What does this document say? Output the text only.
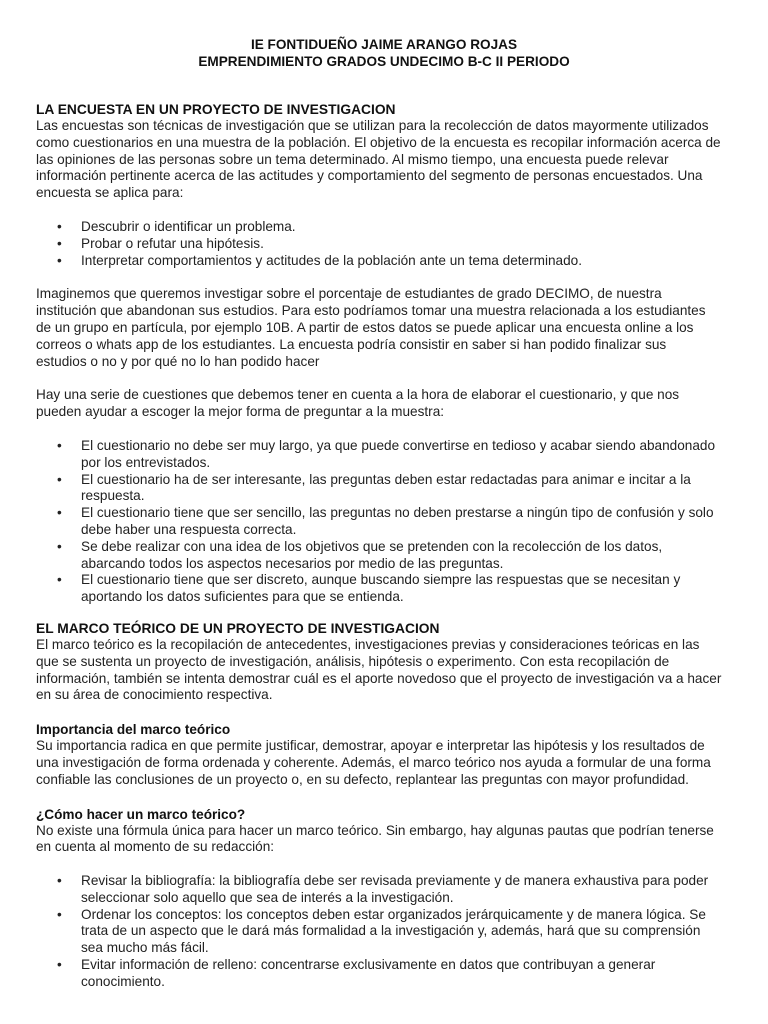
IE FONTIDUEÑO JAIME ARANGO ROJAS
EMPRENDIMIENTO GRADOS UNDECIMO B-C II PERIODO
LA ENCUESTA EN UN PROYECTO DE INVESTIGACION

Las encuestas son técnicas de investigación que se utilizan para la recolección de datos mayormente utilizados
como cuestionarios en una muestra de la población. El objetivo de la encuesta es recopilar información acerca de
las opiniones de las personas sobre un tema determinado. Al mismo tiempo, una encuesta puede relevar
información pertinente acerca de las actitudes y comportamiento del segmento de personas encuestados. Una
encuesta se aplica para:

• Descubrir o identificar un problema.
• Probar o refutar una hipótesis.
• Interpretar comportamientos y actitudes de la población ante un tema determinado.

Imaginemos que queremos investigar sobre el porcentaje de estudiantes de grado DECIMO, de nuestra
institución que abandonan sus estudios. Para esto podríamos tomar una muestra relacionada a los estudiantes
de un grupo en partícula, por ejemplo 10B. A partir de estos datos se puede aplicar una encuesta online a los
correos o whats app de los estudiantes. La encuesta podría consistir en saber si han podido finalizar sus
estudios o no y por qué no lo han podido hacer

Hay una serie de cuestiones que debemos tener en cuenta a la hora de elaborar el cuestionario, y que nos
pueden ayudar a escoger la mejor forma de preguntar a la muestra:

• El cuestionario no debe ser muy largo, ya que puede convertirse en tedioso y acabar siendo abandonado
por los entrevistados.
• El cuestionario ha de ser interesante, las preguntas deben estar redactadas para animar e incitar a la
respuesta.
• El cuestionario tiene que ser sencillo, las preguntas no deben prestarse a ningún tipo de confusión y solo
debe haber una respuesta correcta.
• Se debe realizar con una idea de los objetivos que se pretenden con la recolección de los datos,
abarcando todos los aspectos necesarios por medio de las preguntas.
• El cuestionario tiene que ser discreto, aunque buscando siempre las respuestas que se necesitan y
aportando los datos suficientes para que se entienda.
EL MARCO TEÓRICO DE UN PROYECTO DE INVESTIGACION

El marco teórico es la recopilación de antecedentes, investigaciones previas y consideraciones teóricas en las
que se sustenta un proyecto de investigación, análisis, hipótesis o experimento. Con esta recopilación de
información, también se intenta demostrar cuál es el aporte novedoso que el proyecto de investigación va a hacer
en su área de conocimiento respectiva.

Importancia del marco teórico

Su importancia radica en que permite justificar, demostrar, apoyar e interpretar las hipótesis y los resultados de
una investigación de forma ordenada y coherente. Además, el marco teórico nos ayuda a formular de una forma
confiable las conclusiones de un proyecto o, en su defecto, replantear las preguntas con mayor profundidad.

¿Cómo hacer un marco teórico?

No existe una fórmula única para hacer un marco teórico. Sin embargo, hay algunas pautas que podrían tenerse
en cuenta al momento de su redacción:

• Revisar la bibliografía: la bibliografía debe ser revisada previamente y de manera exhaustiva para poder
seleccionar solo aquello que sea de interés a la investigación.
• Ordenar los conceptos: los conceptos deben estar organizados jerárquicamente y de manera lógica. Se
trata de un aspecto que le dará más formalidad a la investigación y, además, hará que su comprensión
sea mucho más fácil.
• Evitar información de relleno: concentrarse exclusivamente en datos que contribuyan a generar
conocimiento.
